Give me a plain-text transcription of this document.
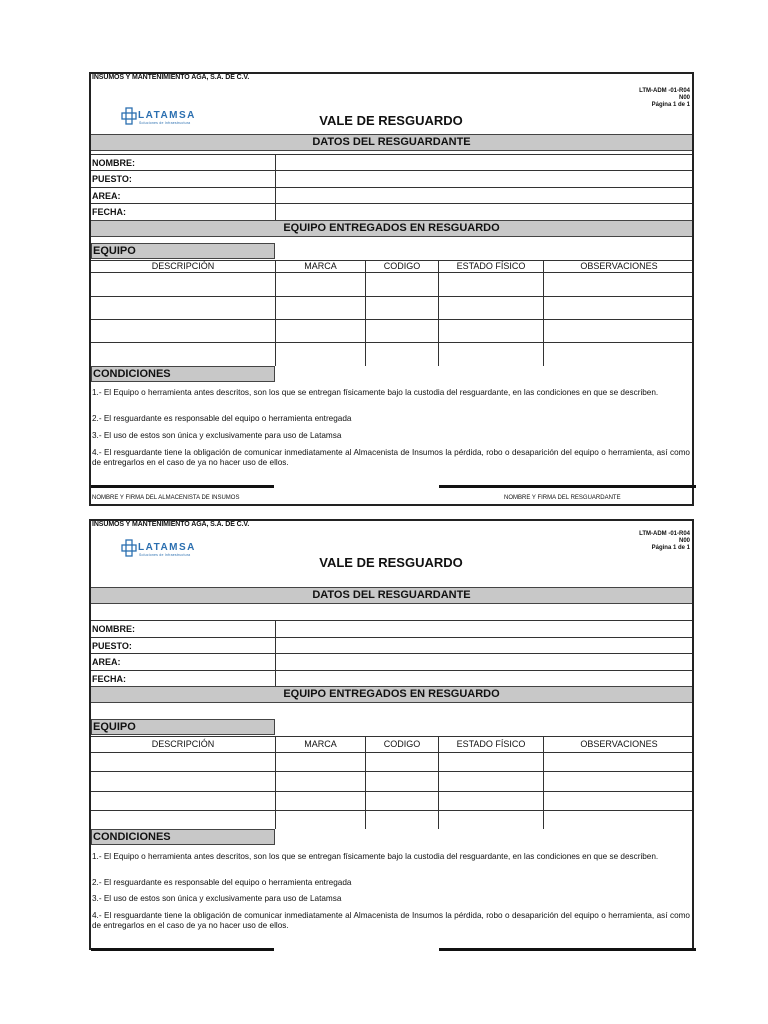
INSUMOS Y MANTENIMIENTO AGA, S.A. DE C.V.
LTM-ADM -01-R04
N00
Página 1 de 1
LATAMSA
Soluciones de Infraestructura	VALE DE RESGUARDO
DATOS DEL RESGUARDANTE
NOMBRE:
PUESTO:
AREA:
FECHA:
EQUIPO ENTREGADOS EN RESGUARDO
EQUIPO
DESCRIPCIÓN	MARCA	CODIGO	ESTADO FÍSICO	OBSERVACIONES
CONDICIONES
1.- El Equipo o herramienta antes descritos, son los que se entregan físicamente bajo la custodia del resguardante, en las condiciones en que se describen.
2.- El resguardante es responsable del equipo o herramienta entregada
3.- El uso de estos son única y exclusivamente para uso de Latamsa
4.- El resguardante tiene la obligación de comunicar inmediatamente al Almacenista de Insumos la pérdida, robo o desaparición del equipo o herramienta, así como de entregarlos en el caso de ya no hacer uso de ellos.
NOMBRE Y FIRMA DEL ALMACENISTA DE INSUMOS	NOMBRE Y FIRMA DEL RESGUARDANTE
INSUMOS Y MANTENIMIENTO AGA, S.A. DE C.V.
LTM-ADM -01-R04
N00
Página 1 de 1
LATAMSA
Soluciones de Infraestructura	VALE DE RESGUARDO
DATOS DEL RESGUARDANTE
NOMBRE:
PUESTO:
AREA:
FECHA:
EQUIPO ENTREGADOS EN RESGUARDO
EQUIPO
DESCRIPCIÓN	MARCA	CODIGO	ESTADO FÍSICO	OBSERVACIONES
CONDICIONES
1.- El Equipo o herramienta antes descritos, son los que se entregan físicamente bajo la custodia del resguardante, en las condiciones en que se describen.
2.- El resguardante es responsable del equipo o herramienta entregada
3.- El uso de estos son única y exclusivamente para uso de Latamsa
4.- El resguardante tiene la obligación de comunicar inmediatamente al Almacenista de Insumos la pérdida, robo o desaparición del equipo o herramienta, así como de entregarlos en el caso de ya no hacer uso de ellos.
